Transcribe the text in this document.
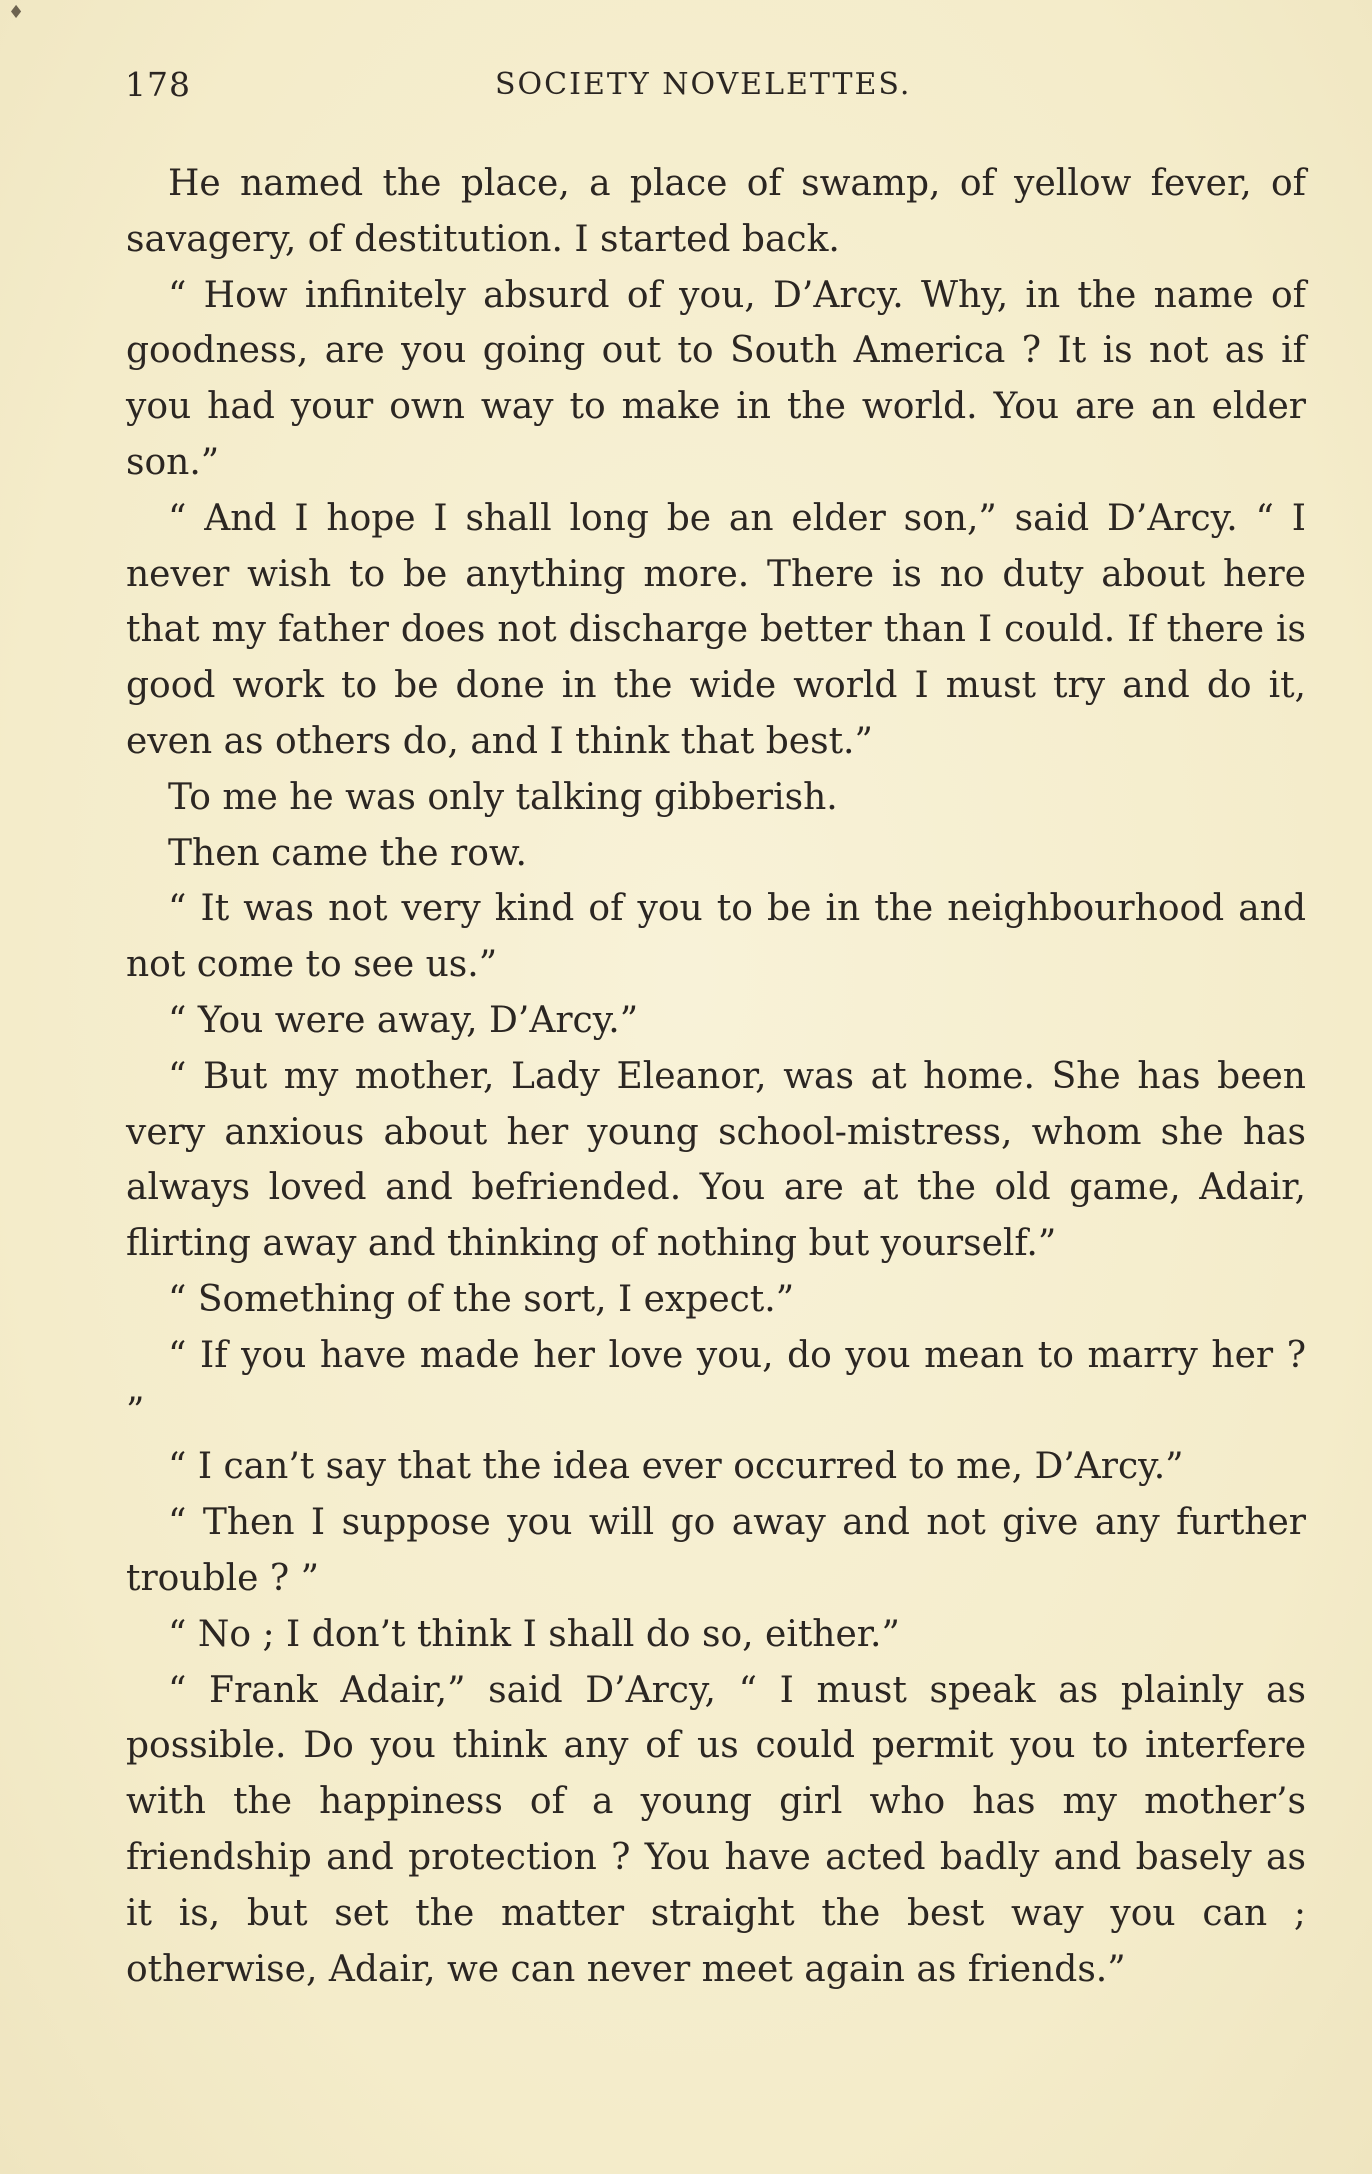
♦
178	SOCIETY NOVELETTES.

He named the place, a place of swamp, of yellow fever, of savagery, of destitution. I started back.

“ How infinitely absurd of you, D’Arcy. Why, in the name of goodness, are you going out to South America ? It is not as if you had your own way to make in the world. You are an elder son.”

“ And I hope I shall long be an elder son,” said D’Arcy. “ I never wish to be anything more. There is no duty about here that my father does not discharge better than I could. If there is good work to be done in the wide world I must try and do it, even as others do, and I think that best.”

To me he was only talking gibberish.

Then came the row.

“ It was not very kind of you to be in the neighbourhood and not come to see us.”

“ You were away, D’Arcy.”

“ But my mother, Lady Eleanor, was at home. She has been very anxious about her young school-mistress, whom she has always loved and befriended. You are at the old game, Adair, flirting away and thinking of nothing but yourself.”

“ Something of the sort, I expect.”

“ If you have made her love you, do you mean to marry her ? ”

“ I can’t say that the idea ever occurred to me, D’Arcy.”

“ Then I suppose you will go away and not give any further trouble ? ”

“ No ; I don’t think I shall do so, either.”

“ Frank Adair,” said D’Arcy, “ I must speak as plainly as possible. Do you think any of us could permit you to interfere with the happiness of a young girl who has my mother’s friendship and protection ? You have acted badly and basely as it is, but set the matter straight the best way you can ; otherwise, Adair, we can never meet again as friends.”
